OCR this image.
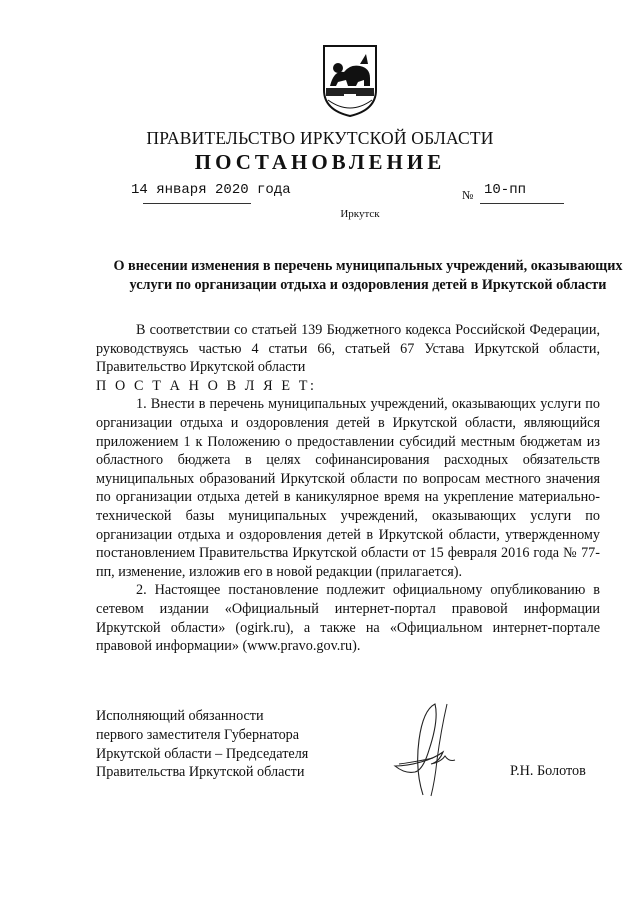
ПРАВИТЕЛЬСТВО ИРКУТСКОЙ ОБЛАСТИ
ПОСТАНОВЛЕНИЕ
14 января 2020 года	№ 10-пп
Иркутск
О внесении изменения в перечень муниципальных учреждений, оказывающих услуги по организации отдыха и оздоровления детей в Иркутской области

В соответствии со статьей 139 Бюджетного кодекса Российской Федерации, руководствуясь частью 4 статьи 66, статьей 67 Устава Иркутской области, Правительство Иркутской области

П О С Т А Н О В Л Я Е Т:

1. Внести в перечень муниципальных учреждений, оказывающих услуги по организации отдыха и оздоровления детей в Иркутской области, являющийся приложением 1 к Положению о предоставлении субсидий местным бюджетам из областного бюджета в целях софинансирования расходных обязательств муниципальных образований Иркутской области по вопросам местного значения по организации отдыха детей в каникулярное время на укрепление материально-технической базы муниципальных учреждений, оказывающих услуги по организации отдыха и оздоровления детей в Иркутской области, утвержденному постановлением Правительства Иркутской области от 15 февраля 2016 года № 77-пп, изменение, изложив его в новой редакции (прилагается).

2. Настоящее постановление подлежит официальному опубликованию в сетевом издании «Официальный интернет-портал правовой информации Иркутской области» (ogirk.ru), а также на «Официальном интернет-портале правовой информации» (www.pravo.gov.ru).

Исполняющий обязанности
первого заместителя Губернатора
Иркутской области – Председателя
Правительства Иркутской области	Р.Н. Болотов
